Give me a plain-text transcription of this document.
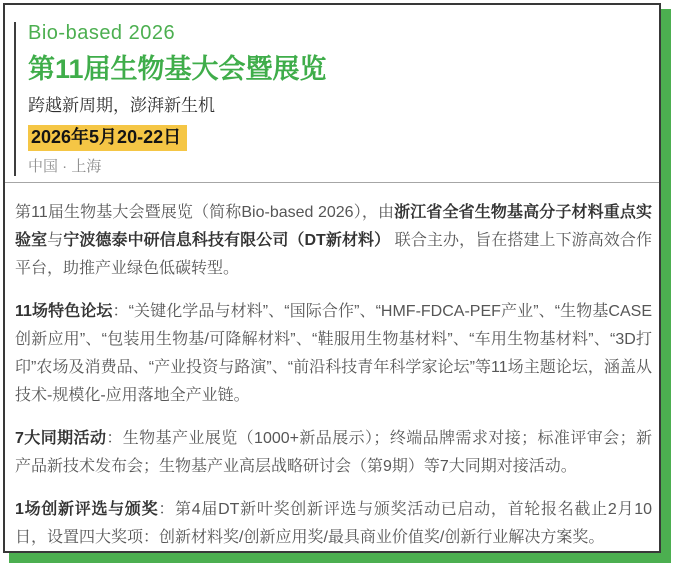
Bio-based 2026
第11届生物基大会暨展览
跨越新周期，澎湃新生机
2026年5月20-22日
中国 · 上海

第11届生物基大会暨展览（简称Bio-based 2026），由浙江省全省生物基高分子材料重点实验室与宁波德泰中研信息科技有限公司（DT新材料） 联合主办，旨在搭建上下游高效合作平台，助推产业绿色低碳转型。

11场特色论坛：“关键化学品与材料”、“国际合作”、“HMF-FDCA-PEF产业”、“生物基CASE创新应用”、“包装用生物基/可降解材料”、“鞋服用生物基材料”、“车用生物基材料”、“3D打印”农场及消费品、“产业投资与路演”、“前沿科技青年科学家论坛”等11场主题论坛，涵盖从技术-规模化-应用落地全产业链。

7大同期活动：生物基产业展览（1000+新品展示）；终端品牌需求对接；标准评审会；新产品新技术发布会；生物基产业高层战略研讨会（第9期）等7大同期对接活动。

1场创新评选与颁奖：第4届DT新叶奖创新评选与颁奖活动已启动，首轮报名截止2月10日，设置四大奖项：创新材料奖/创新应用奖/最具商业价值奖/创新行业解决方案奖。
